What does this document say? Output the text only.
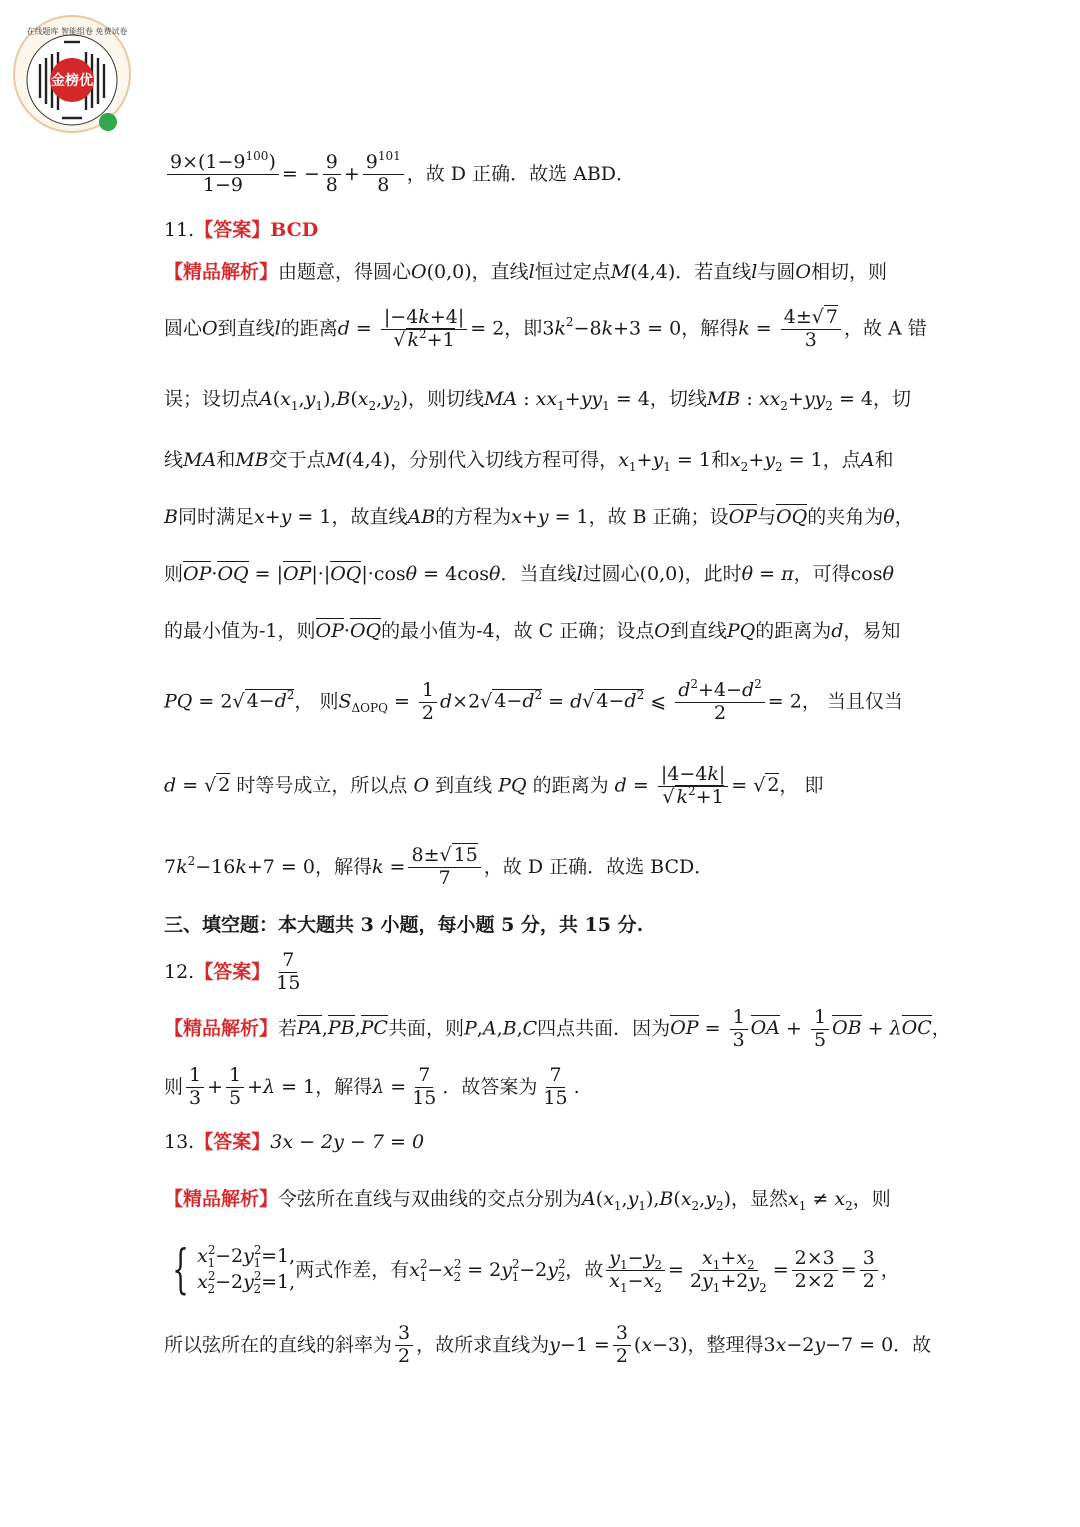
金榜优
在线题库 智能组卷 免费试卷
$\frac{9\times(1-9^{100})}{1-9}$ = − $\frac{9}{8} + \frac{9^{101}}{8}$ ，故 D 正确．故选 ABD．
11. 【答案】 BCD
【精品解析】由题意，得圆心O(0,0)，直线l恒过定点M(4,4)．若直线l与圆O相切，则
圆心O到直线l的距离$d = \frac{|-4k+4|}{√ k^2+1} = 2$，即$3k^2-8k+3 = 0$，解得$k = \frac{4\pm√ 7}{3}$ ，故 A 错
误；设切点$A(x_1,y_1),B(x_2,y_2)$，则切线MA : $xx_1+yy_1 = 4$，切线MB : $xx_2+yy_2 = 4$，切
线MA和MB交于点M(4,4)，分别代入切线方程可得，$x_1+y_1 = 1$和$x_2+y_2 = 1$，点A和
B同时满足x+y = 1，故直线AB的方程为x+y = 1，故 B 正确；设OP与OQ的夹角为θ，
则OP·OQ = |OP|·|OQ|·cosθ = 4cosθ．当直线l过圆心(0,0)，此时θ = π，可得cosθ
的最小值为-1，则OP·OQ的最小值为-4，故 C 正确；设点O到直线PQ的距离为d，易知
PQ = 2√ $4-d^2$， 则$S_{\Delta OPQ} = \frac{1}{2} d\times 2√$ $4-d^2 = d√$ $4-d^2$ ⩽ $\frac{d^2+4-d^2}{2} = 2$， 当且仅当
d = √ 2 时等号成立，所以点 O 到直线 PQ 的距离为 $d = \frac{|4-4k|}{√ k^2+1}$ = √ 2， 即
$7k^2-16k+7 = 0$ ，解得 $k = \frac{8\pm√ 15}{7}$ ，故 D 正确．故选 BCD．
三、填空题：本大题共 3 小题，每小题 5 分，共 15 分.
12. 【答案】 $\frac{7}{15}$
【精品解析】若PA,PB,PC共面，则P,A,B,C四点共面．因为OP = $\frac{1}{3}$ OA + $\frac{1}{5}$ OB + λOC，
则 $\frac{1}{3} + \frac{1}{5} + \lambda = 1$ ，解得 $\lambda = \frac{7}{15}$ ．故答案为 $\frac{7}{15}$ .
13. 【答案】 3x − 2y − 7 = 0
【精品解析】令弦所在直线与双曲线的交点分别为$A(x_1,y_1),B(x_2,y_2)$，显然$x_1 \ne x_2$，则
{ $x^2_1-2y^2_1=1$,
$x^2_2-2y^2_2=1$,
两式作差，有 $x^2_1-x^2_2 = 2y^2_1-2y^2_2$ ，故 $\frac{y_1-y_2}{x_1-x_2} = \frac{x_1+x_2}{2y_1+2y_2} = \frac{2\times 3}{2\times 2} = \frac{3}{2}$ ，
所以弦所在的直线的斜率为 $\frac{3}{2}$ ，故所求直线为 $y -1 = \frac{3}{2}$ ( x −3) ，整理得 3 x −2 y −7 = 0 ．故
